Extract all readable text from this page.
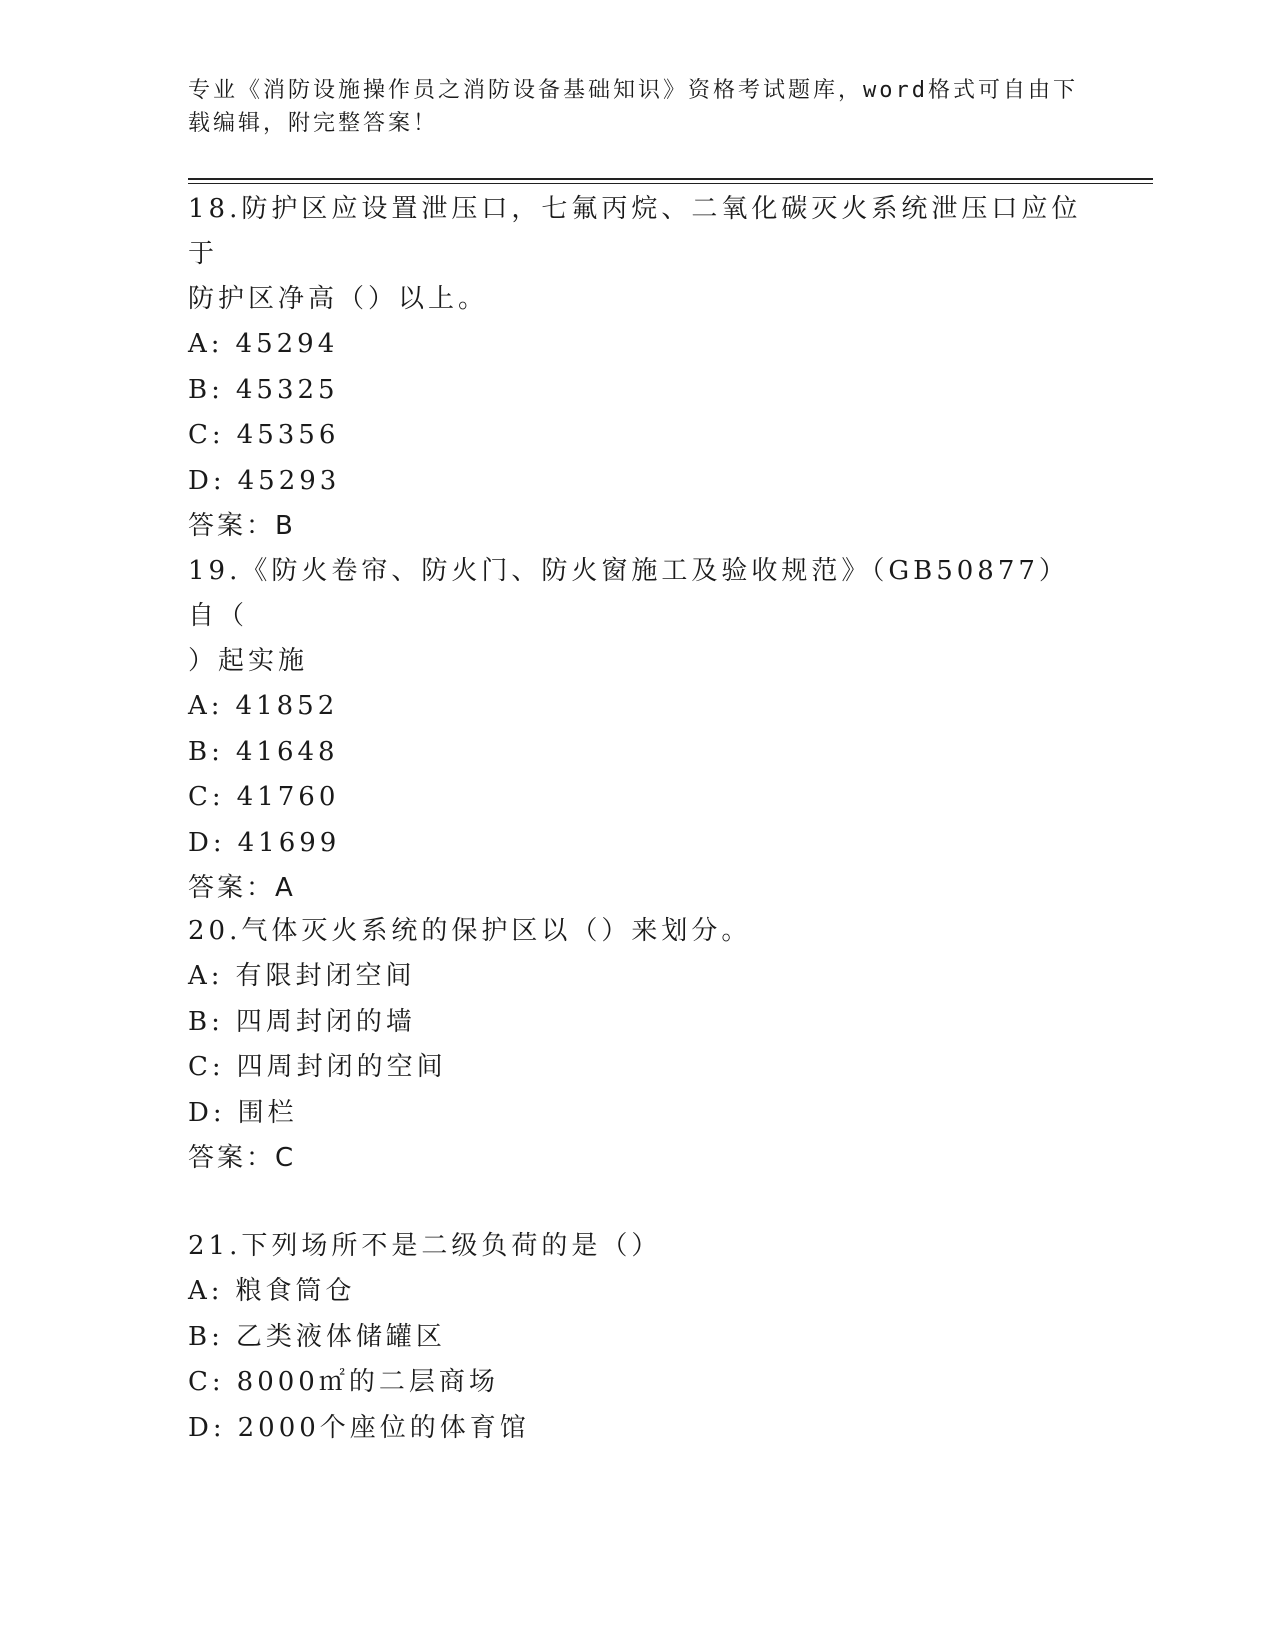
专业《消防设施操作员之消防设备基础知识》资格考试题库，word格式可自由下
载编辑，附完整答案！

18.防护区应设置泄压口，七氟丙烷、二氧化碳灭火系统泄压口应位于

防护区净高（）以上。

A: 45294

B: 45325

C: 45356

D: 45293

答案：B

19.《防火卷帘、防火门、防火窗施工及验收规范》（GB50877）自（

）起实施

A: 41852

B: 41648

C: 41760

D: 41699

答案：A

20.气体灭火系统的保护区以（）来划分。

A: 有限封闭空间

B: 四周封闭的墙

C: 四周封闭的空间

D: 围栏

答案：C

21.下列场所不是二级负荷的是（）

A: 粮食筒仓

B: 乙类液体储罐区

C: 8000㎡的二层商场

D: 2000个座位的体育馆
